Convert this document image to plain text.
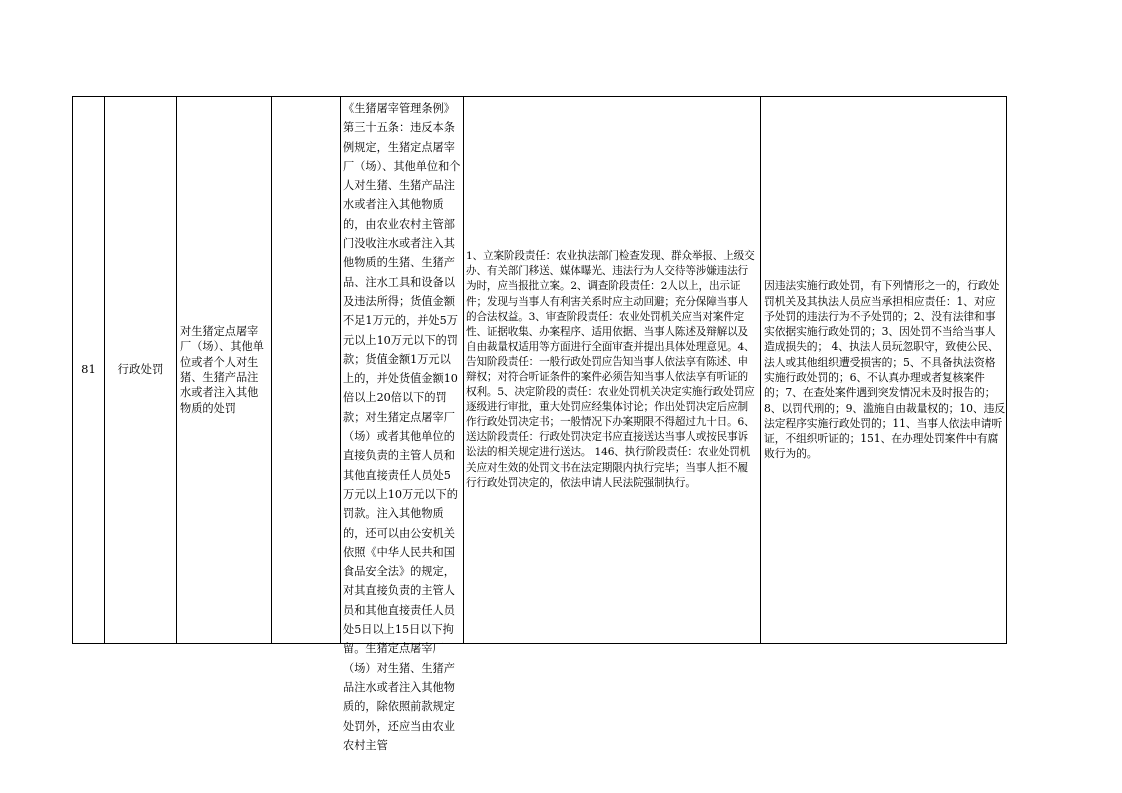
81 行政处罚
对生猪定点屠宰厂（场）、其他单位或者个人对生猪、生猪产品注水或者注入其他物质的处罚
《生猪屠宰管理条例》第三十五条：违反本条例规定，生猪定点屠宰厂（场）、其他单位和个人对生猪、生猪产品注水或者注入其他物质的，由农业农村主管部门没收注水或者注入其他物质的生猪、生猪产品、注水工具和设备以及违法所得；货值金额不足1万元的，并处5万元以上10万元以下的罚款；货值金额1万元以上的，并处货值金额10倍以上20倍以下的罚款；对生猪定点屠宰厂（场）或者其他单位的直接负责的主管人员和其他直接责任人员处5万元以上10万元以下的罚款。注入其他物质的，还可以由公安机关依照《中华人民共和国食品安全法》的规定，对其直接负责的主管人员和其他直接责任人员处5日以上15日以下拘留。生猪定点屠宰厂（场）对生猪、生猪产品注水或者注入其他物质的，除依照前款规定处罚外，还应当由农业农村主管
1、立案阶段责任：农业执法部门检查发现、群众举报、上级交办、有关部门移送、媒体曝光、违法行为人交待等涉嫌违法行为时，应当报批立案。2、调查阶段责任：2人以上，出示证件；发现与当事人有利害关系时应主动回避；充分保障当事人的合法权益。3、审查阶段责任：农业处罚机关应当对案件定性、证据收集、办案程序、适用依据、当事人陈述及辩解以及自由裁量权适用等方面进行全面审查并提出具体处理意见。4、告知阶段责任：一般行政处罚应告知当事人依法享有陈述、申辩权；对符合听证条件的案件必须告知当事人依法享有听证的权利。5、决定阶段的责任：农业处罚机关决定实施行政处罚应逐级进行审批，重大处罚应经集体讨论；作出处罚决定后应制作行政处罚决定书；一般情况下办案期限不得超过九十日。6、送达阶段责任：行政处罚决定书应直接送达当事人或按民事诉讼法的相关规定进行送达。 146、执行阶段责任：农业处罚机关应对生效的处罚文书在法定期限内执行完毕；当事人拒不履行行政处罚决定的，依法申请人民法院强制执行。
因违法实施行政处罚，有下列情形之一的，行政处罚机关及其执法人员应当承担相应责任：1、对应予处罚的违法行为不予处罚的；2、没有法律和事实依据实施行政处罚的；3、因处罚不当给当事人造成损失的； 4、执法人员玩忽职守，致使公民、法人或其他组织遭受损害的；5、不具备执法资格实施行政处罚的；6、不认真办理或者复核案件的；7、在查处案件遇到突发情况未及时报告的；8、以罚代刑的；9、滥施自由裁量权的；10、违反法定程序实施行政处罚的；11、当事人依法申请听证，不组织听证的；151、在办理处罚案件中有腐败行为的。
